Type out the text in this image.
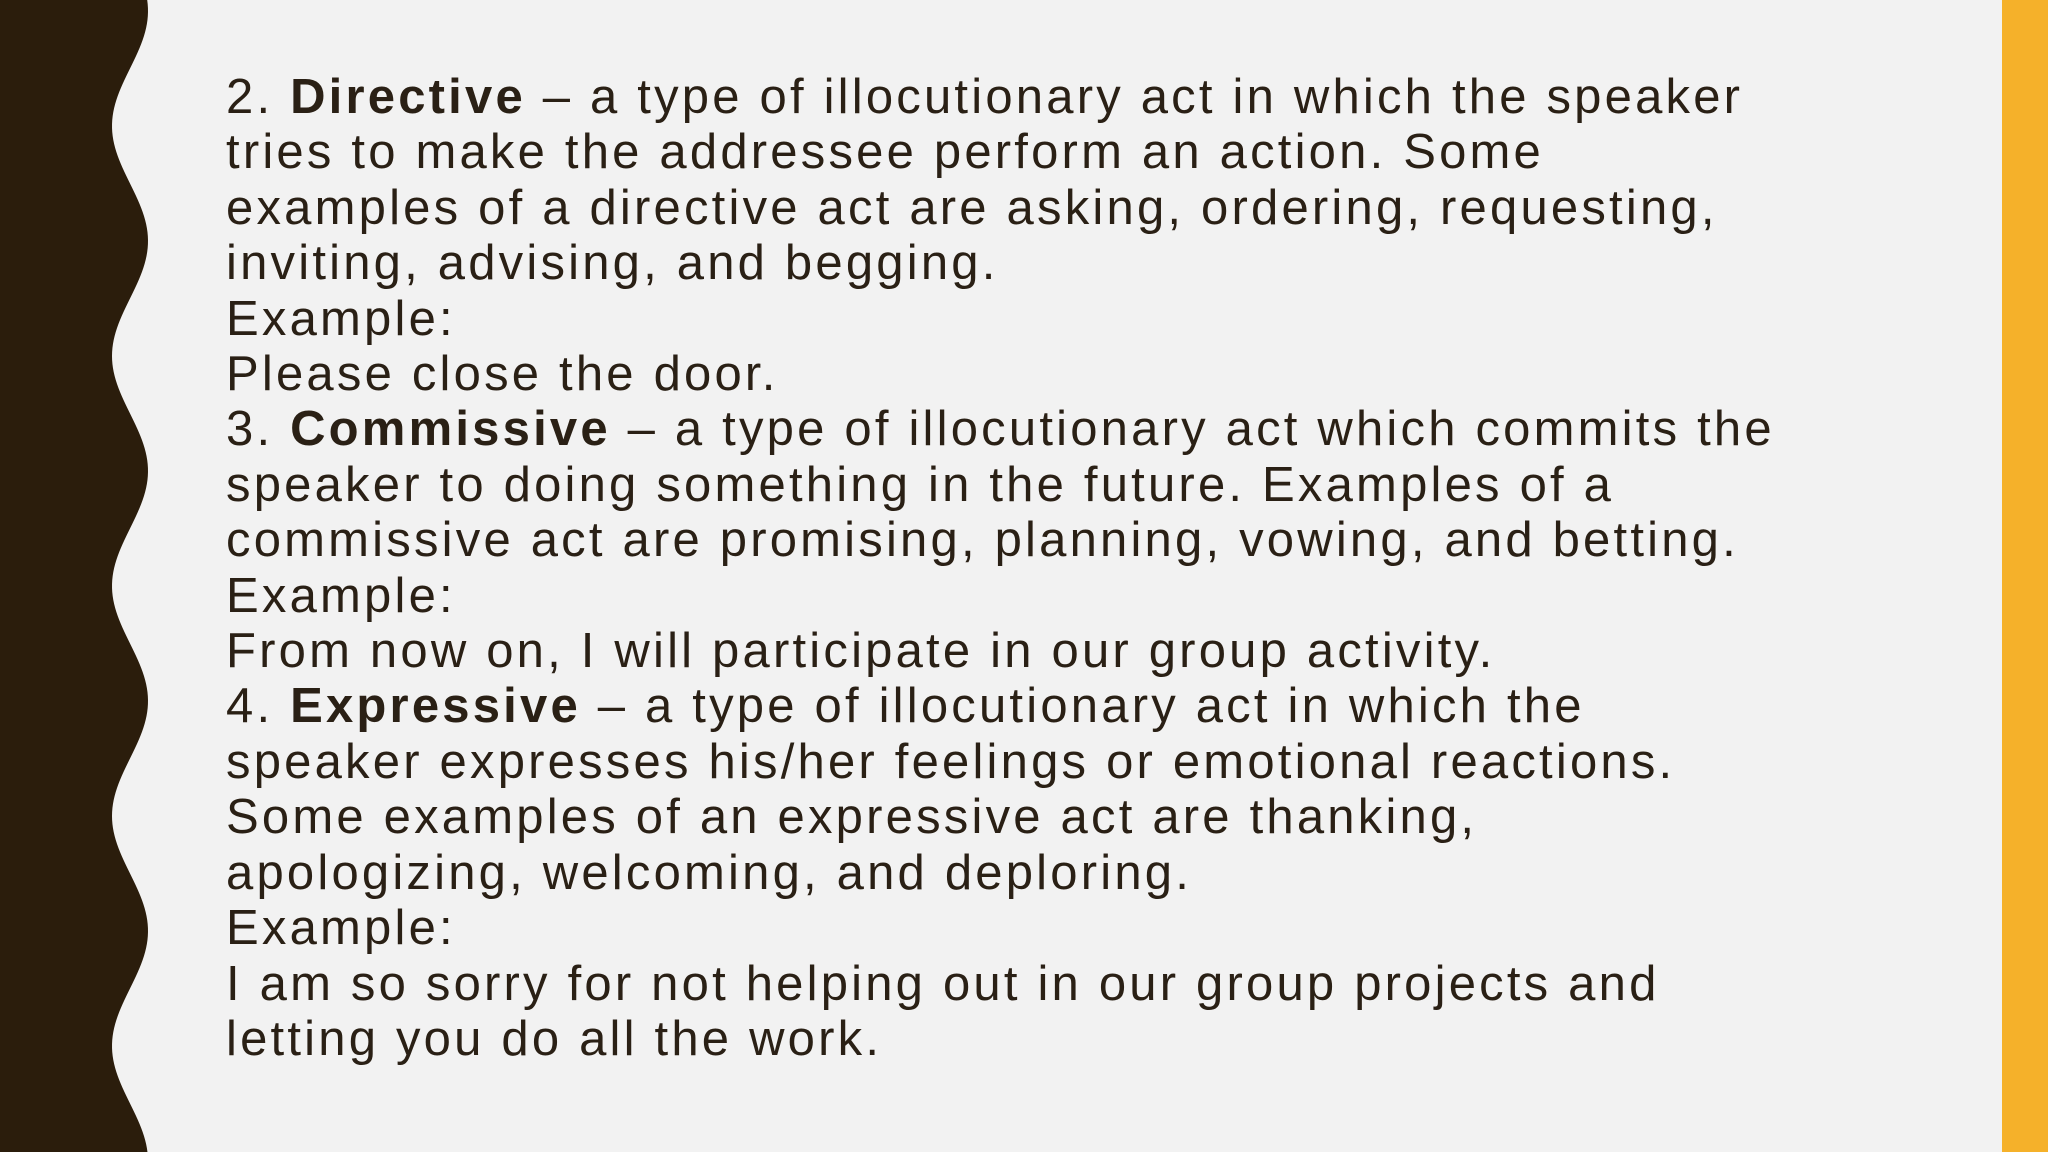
2. Directive – a type of illocutionary act in which the speaker
tries to make the addressee perform an action. Some
examples of a directive act are asking, ordering, requesting,
inviting, advising, and begging.
Example:
Please close the door.
3. Commissive – a type of illocutionary act which commits the
speaker to doing something in the future. Examples of a
commissive act are promising, planning, vowing, and betting.
Example:
From now on, I will participate in our group activity.
4. Expressive – a type of illocutionary act in which the
speaker expresses his/her feelings or emotional reactions.
Some examples of an expressive act are thanking,
apologizing, welcoming, and deploring.
Example:
I am so sorry for not helping out in our group projects and
letting you do all the work.
